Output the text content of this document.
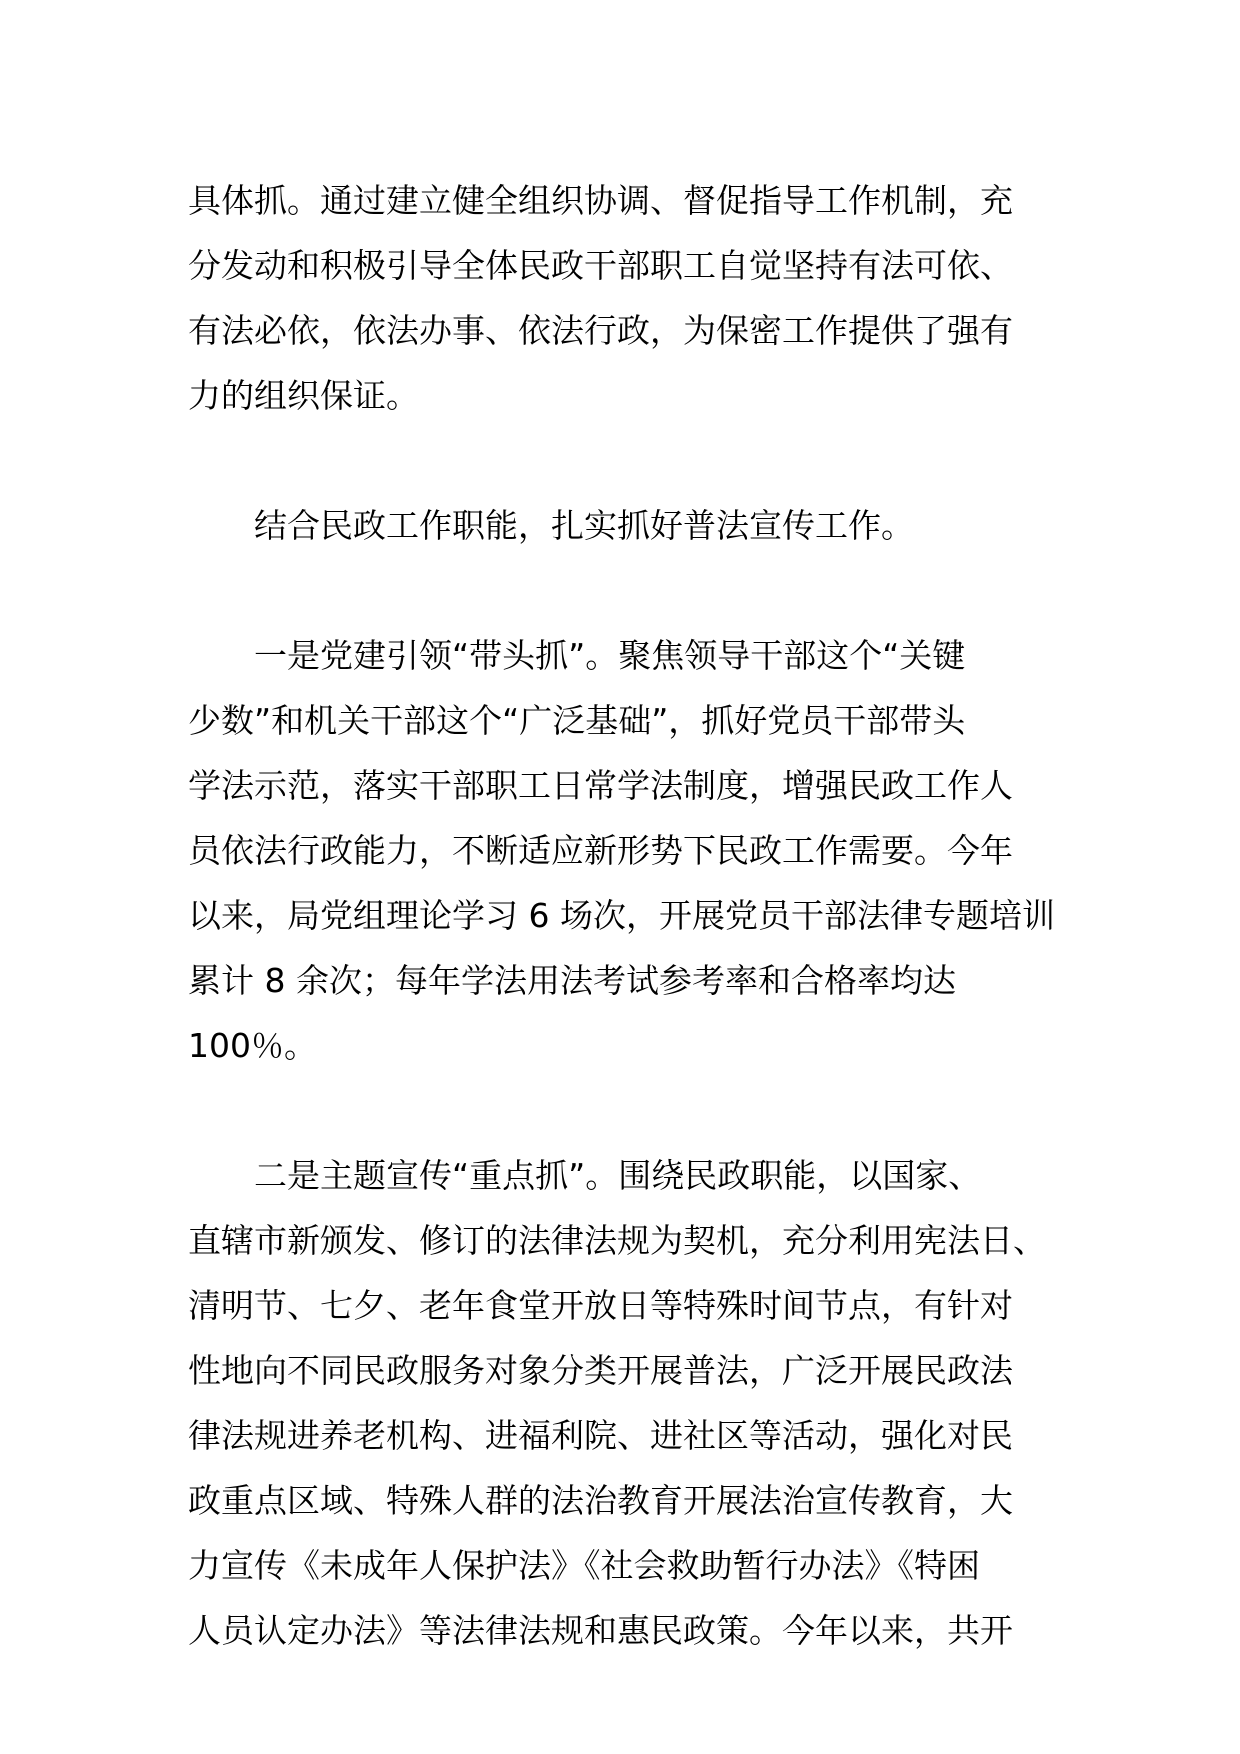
具体抓。通过建立健全组织协调、督促指导工作机制，充
分发动和积极引导全体民政干部职工自觉坚持有法可依、
有法必依，依法办事、依法行政，为保密工作提供了强有
力的组织保证。
结合民政工作职能，扎实抓好普法宣传工作。
一是党建引领“带头抓”。聚焦领导干部这个“关键
少数”和机关干部这个“广泛基础”，抓好党员干部带头
学法示范，落实干部职工日常学法制度，增强民政工作人
员依法行政能力，不断适应新形势下民政工作需要。今年
以来，局党组理论学习 6 场次，开展党员干部法律专题培训
累计 8 余次；每年学法用法考试参考率和合格率均达
100％。
二是主题宣传“重点抓”。围绕民政职能，以国家、
直辖市新颁发、修订的法律法规为契机，充分利用宪法日、
清明节、七夕、老年食堂开放日等特殊时间节点，有针对
性地向不同民政服务对象分类开展普法，广泛开展民政法
律法规进养老机构、进福利院、进社区等活动，强化对民
政重点区域、特殊人群的法治教育开展法治宣传教育，大
力宣传《未成年人保护法》《社会救助暂行办法》《特困
人员认定办法》等法律法规和惠民政策。今年以来，共开
